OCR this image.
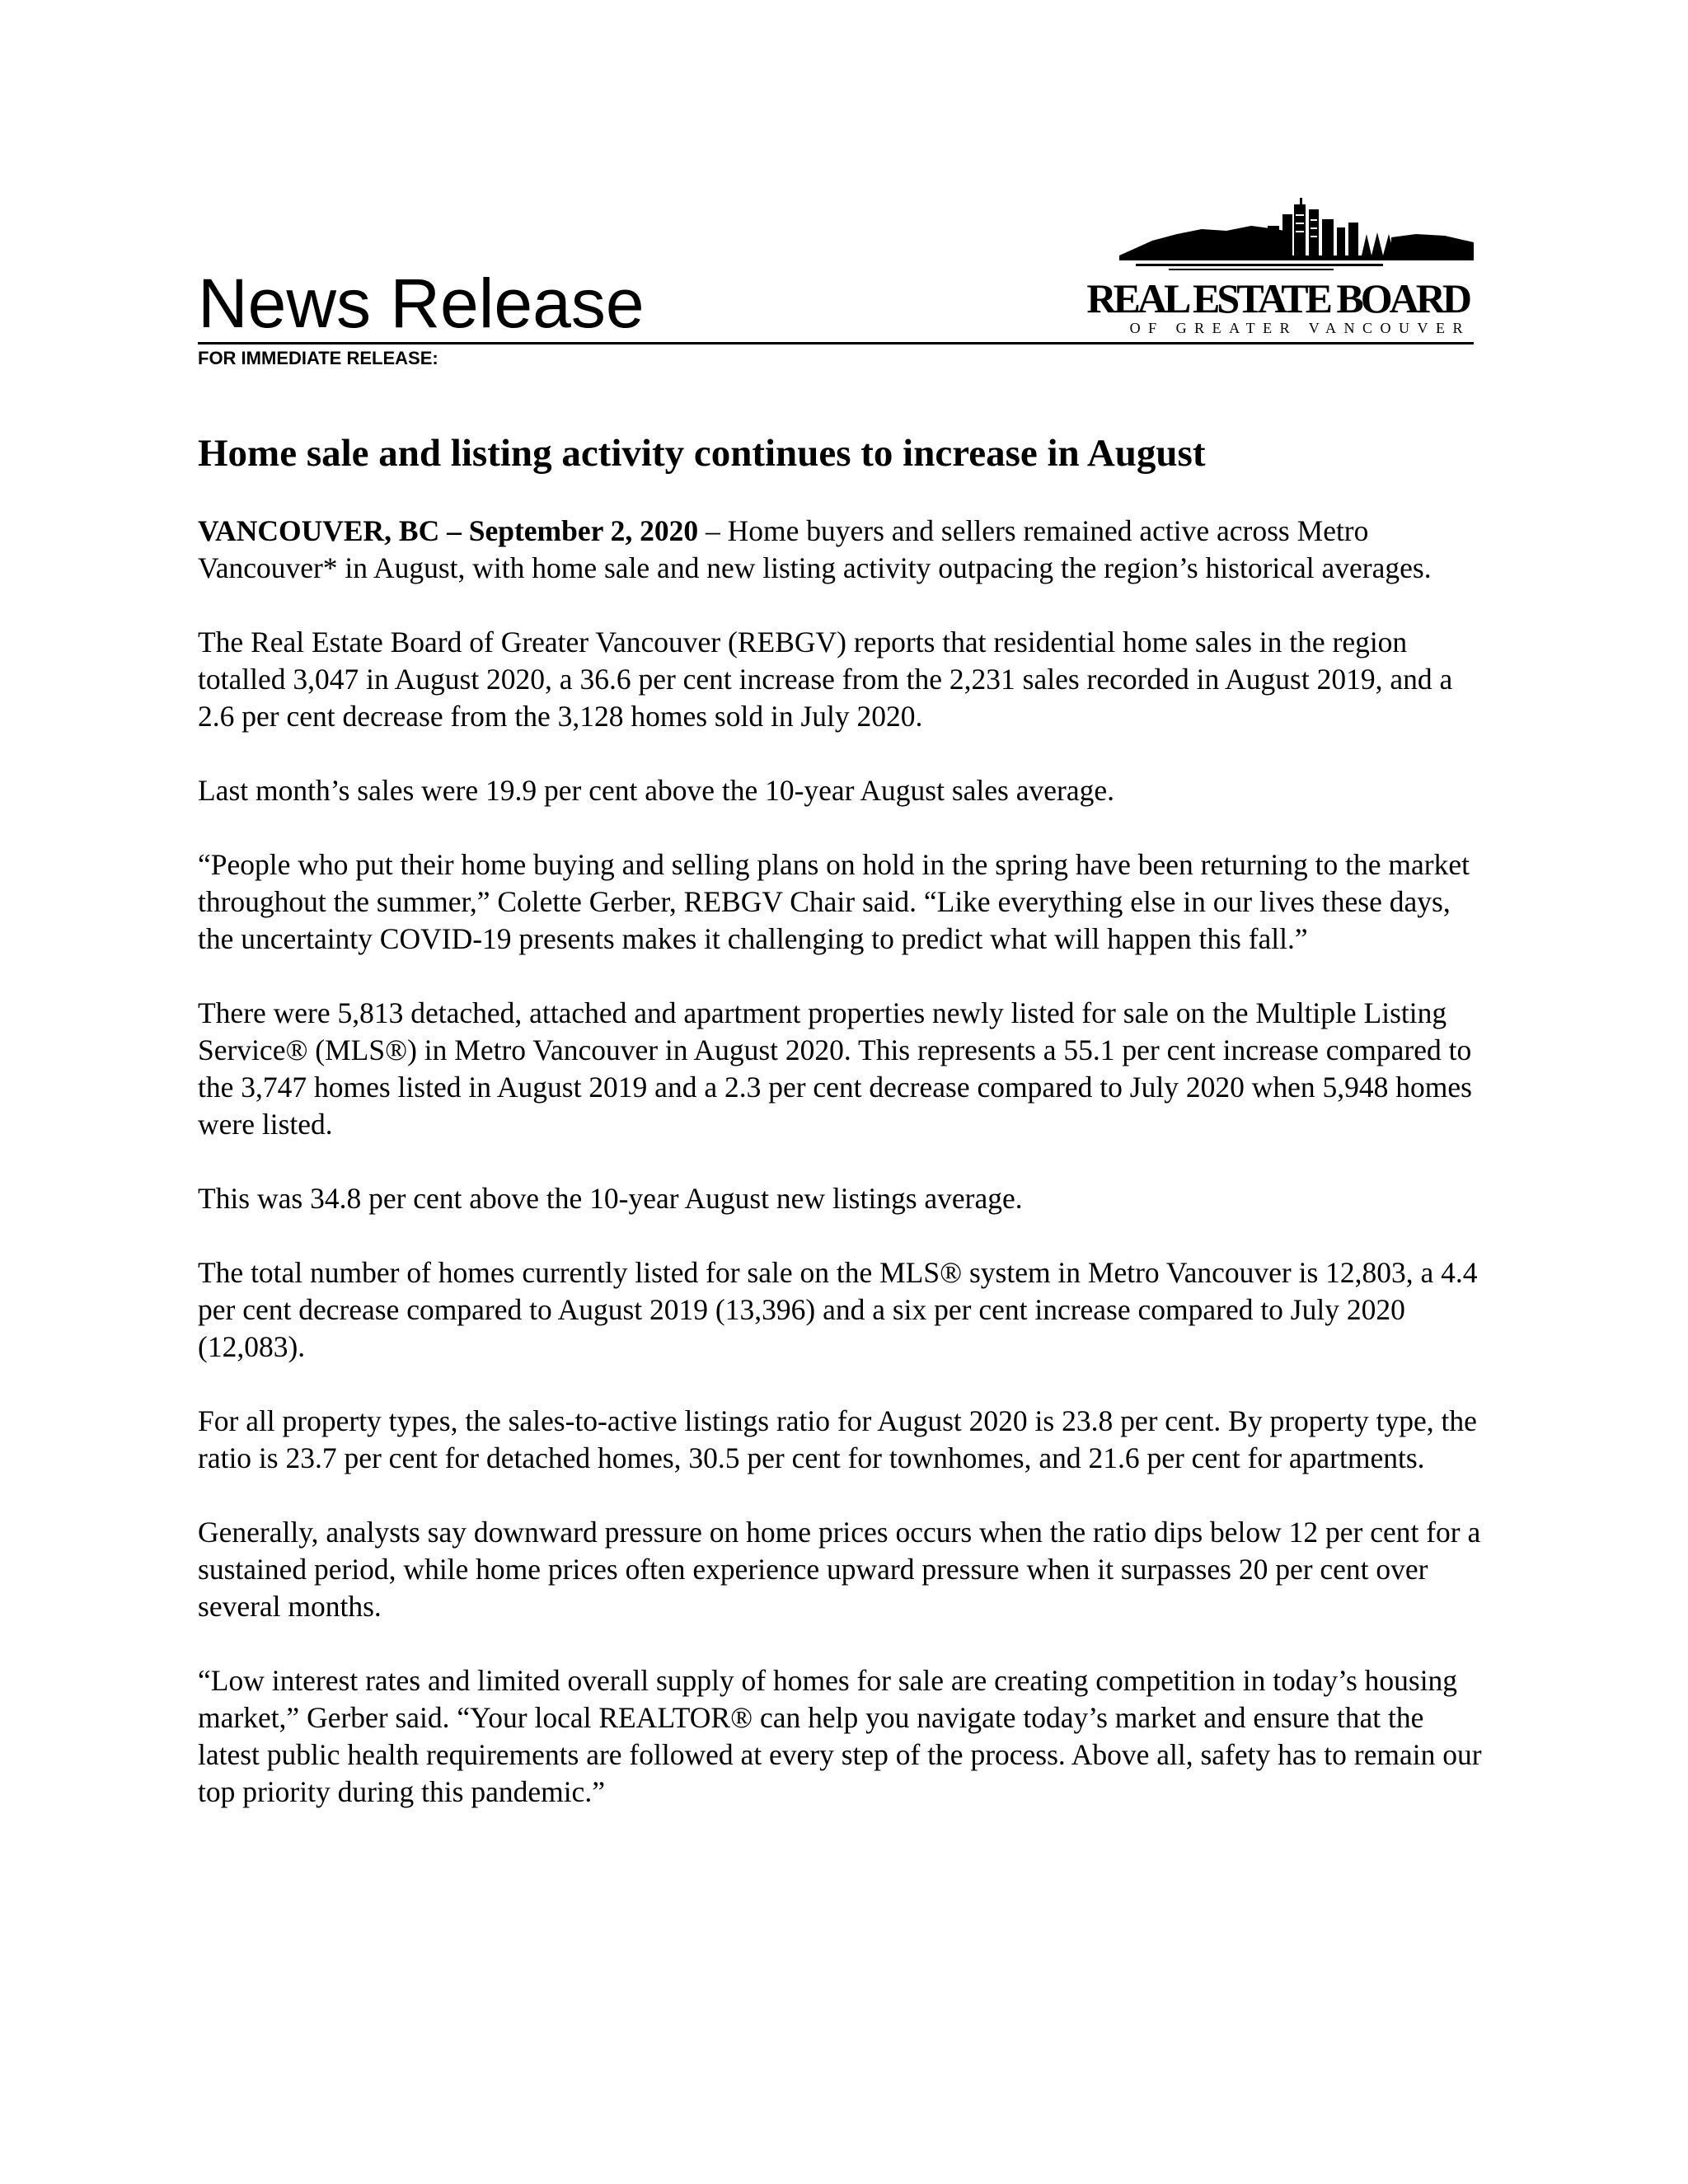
News Release	REAL ESTATE BOARD
OF GREATER VANCOUVER
FOR IMMEDIATE RELEASE:
Home sale and listing activity continues to increase in August

VANCOUVER, BC – September 2, 2020 – Home buyers and sellers remained active across Metro Vancouver* in August, with home sale and new listing activity outpacing the region’s historical averages.

The Real Estate Board of Greater Vancouver (REBGV) reports that residential home sales in the region totalled 3,047 in August 2020, a 36.6 per cent increase from the 2,231 sales recorded in August 2019, and a 2.6 per cent decrease from the 3,128 homes sold in July 2020.

Last month’s sales were 19.9 per cent above the 10-year August sales average.

“People who put their home buying and selling plans on hold in the spring have been returning to the market throughout the summer,” Colette Gerber, REBGV Chair said. “Like everything else in our lives these days, the uncertainty COVID-19 presents makes it challenging to predict what will happen this fall.”

There were 5,813 detached, attached and apartment properties newly listed for sale on the Multiple Listing Service® (MLS®) in Metro Vancouver in August 2020. This represents a 55.1 per cent increase compared to the 3,747 homes listed in August 2019 and a 2.3 per cent decrease compared to July 2020 when 5,948 homes were listed.

This was 34.8 per cent above the 10-year August new listings average.

The total number of homes currently listed for sale on the MLS® system in Metro Vancouver is 12,803, a 4.4 per cent decrease compared to August 2019 (13,396) and a six per cent increase compared to July 2020 (12,083).

For all property types, the sales-to-active listings ratio for August 2020 is 23.8 per cent. By property type, the ratio is 23.7 per cent for detached homes, 30.5 per cent for townhomes, and 21.6 per cent for apartments.

Generally, analysts say downward pressure on home prices occurs when the ratio dips below 12 per cent for a sustained period, while home prices often experience upward pressure when it surpasses 20 per cent over several months.

“Low interest rates and limited overall supply of homes for sale are creating competition in today’s housing market,” Gerber said. “Your local REALTOR® can help you navigate today’s market and ensure that the latest public health requirements are followed at every step of the process. Above all, safety has to remain our top priority during this pandemic.”
